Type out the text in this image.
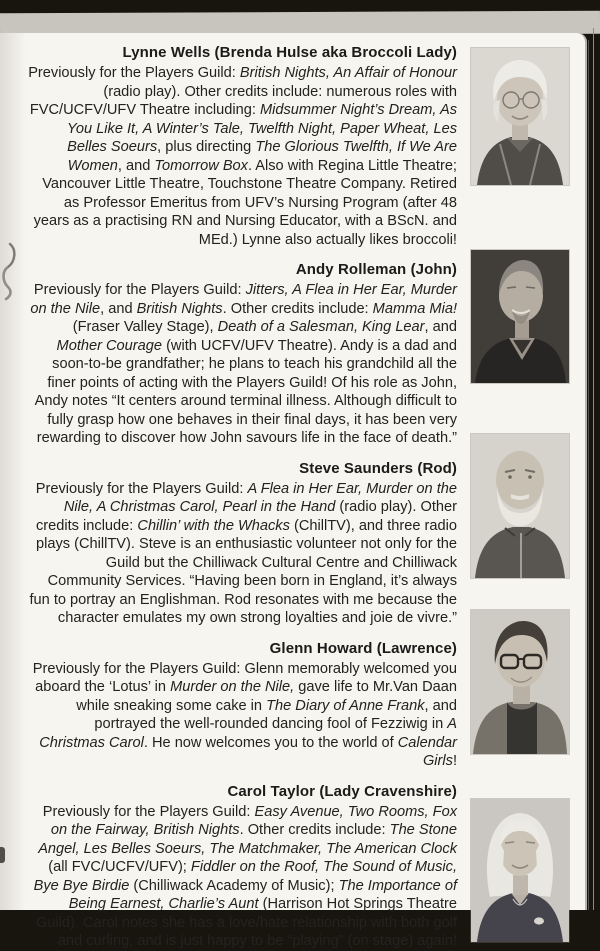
Lynne Wells (Brenda Hulse aka Broccoli Lady)

Previously for the Players Guild: British Nights, An Affair of Honour (radio play). Other credits include: numerous roles with FVC/UCFV/UFV Theatre including: Midsummer Night’s Dream, As You Like It, A Winter’s Tale, Twelfth Night, Paper Wheat, Les Belles Soeurs, plus directing The Glorious Twelfth, If We Are Women, and Tomorrow Box. Also with Regina Little Theatre; Vancouver Little Theatre, Touchstone Theatre Company. Retired as Professor Emeritus from UFV’s Nursing Program (after 48 years as a practising RN and Nursing Educator, with a BScN. and MEd.) Lynne also actually likes broccoli!

Andy Rolleman (John)

Previously for the Players Guild: Jitters, A Flea in Her Ear, Murder on the Nile, and British Nights. Other credits include: Mamma Mia! (Fraser Valley Stage), Death of a Salesman, King Lear, and Mother Courage (with UCFV/UFV Theatre). Andy is a dad and soon-to-be grandfather; he plans to teach his grandchild all the finer points of acting with the Players Guild! Of his role as John, Andy notes “It centers around terminal illness. Although difficult to fully grasp how one behaves in their final days, it has been very rewarding to discover how John savours life in the face of death.”

Steve Saunders (Rod)

Previously for the Players Guild: A Flea in Her Ear, Murder on the Nile, A Christmas Carol, Pearl in the Hand (radio play). Other credits include: Chillin’ with the Whacks (ChillTV), and three radio plays (ChillTV). Steve is an enthusiastic volunteer not only for the Guild but the Chilliwack Cultural Centre and Chilliwack Community Services. “Having been born in England, it’s always fun to portray an Englishman. Rod resonates with me because the character emulates my own strong loyalties and joie de vivre.”

Glenn Howard (Lawrence)

Previously for the Players Guild: Glenn memorably welcomed you aboard the ‘Lotus’ in Murder on the Nile, gave life to Mr.Van Daan while sneaking some cake in The Diary of Anne Frank, and portrayed the well-rounded dancing fool of Fezziwig in A Christmas Carol. He now welcomes you to the world of Calendar Girls!

Carol Taylor (Lady Cravenshire)

Previously for the Players Guild: Easy Avenue, Two Rooms, Fox on the Fairway, British Nights. Other credits include: The Stone Angel, Les Belles Soeurs, The Matchmaker, The American Clock (all FVC/UCFV/UFV); Fiddler on the Roof, The Sound of Music, Bye Bye Birdie (Chilliwack Academy of Music); The Importance of Being Earnest, Charlie’s Aunt (Harrison Hot Springs Theatre Guild). Carol notes she has a love/hate relationship with both golf and curling, and is just happy to be “playing” (on stage) again!
